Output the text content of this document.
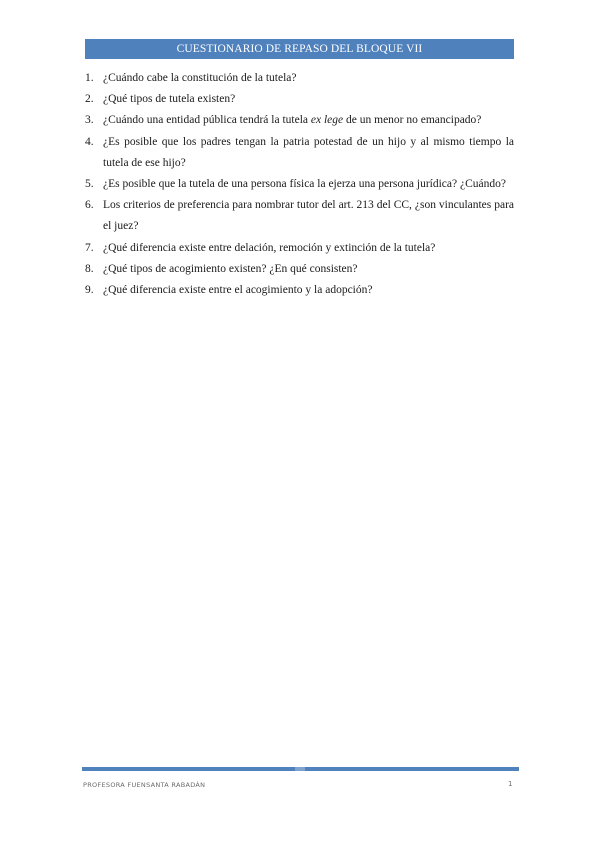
CUESTIONARIO DE REPASO DEL BLOQUE VII
1. ¿Cuándo cabe la constitución de la tutela?
2. ¿Qué tipos de tutela existen?
3. ¿Cuándo una entidad pública tendrá la tutela ex lege de un menor no emancipado?
4. ¿Es posible que los padres tengan la patria potestad de un hijo y al mismo tiempo la tutela de ese hijo?
5. ¿Es posible que la tutela de una persona física la ejerza una persona jurídica? ¿Cuándo?
6. Los criterios de preferencia para nombrar tutor del art. 213 del CC, ¿son vinculantes para el juez?
7. ¿Qué diferencia existe entre delación, remoción y extinción de la tutela?
8. ¿Qué tipos de acogimiento existen? ¿En qué consisten?
9. ¿Qué diferencia existe entre el acogimiento y la adopción?
PROFESORA FUENSANTA RABADÁN	1
